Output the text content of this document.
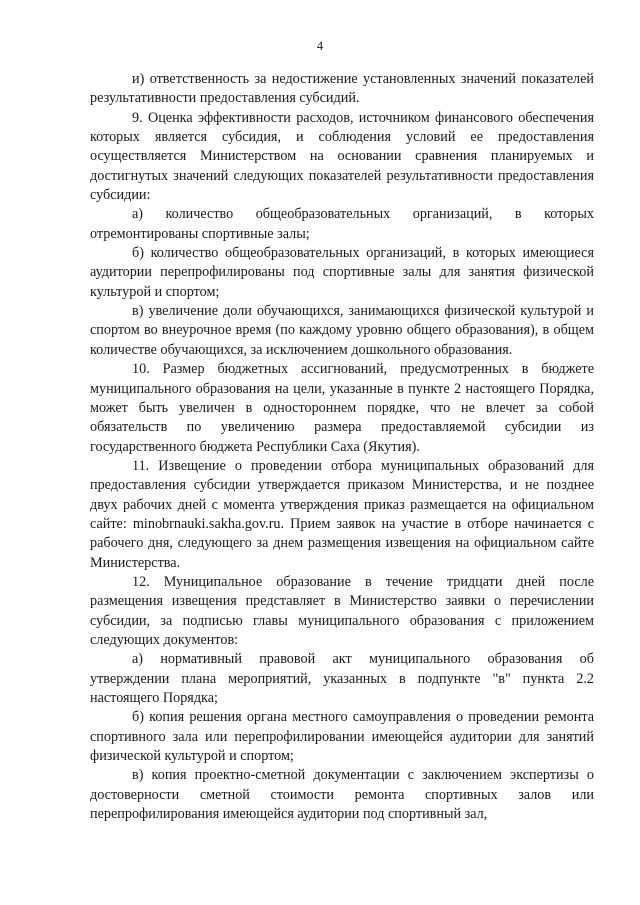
4

и) ответственность за недостижение установленных значений показателей результативности предоставления субсидий.

9. Оценка эффективности расходов, источником финансового обеспечения которых является субсидия, и соблюдения условий ее предоставления осуществляется Министерством на основании сравнения планируемых и достигнутых значений следующих показателей результативности предоставления субсидии:

а) количество общеобразовательных организаций, в которых отремонтированы спортивные залы;

б) количество общеобразовательных организаций, в которых имеющиеся аудитории перепрофилированы под спортивные залы для занятия физической культурой и спортом;

в) увеличение доли обучающихся, занимающихся физической культурой и спортом во внеурочное время (по каждому уровню общего образования), в общем количестве обучающихся, за исключением дошкольного образования.

10. Размер бюджетных ассигнований, предусмотренных в бюджете муниципального образования на цели, указанные в пункте 2 настоящего Порядка, может быть увеличен в одностороннем порядке, что не влечет за собой обязательств по увеличению размера предоставляемой субсидии из государственного бюджета Республики Саха (Якутия).

11. Извещение о проведении отбора муниципальных образований для предоставления субсидии утверждается приказом Министерства, и не позднее двух рабочих дней с момента утверждения приказ размещается на официальном сайте: minobrnauki.sakha.gov.ru. Прием заявок на участие в отборе начинается с рабочего дня, следующего за днем размещения извещения на официальном сайте Министерства.

12. Муниципальное образование в течение тридцати дней после размещения извещения представляет в Министерство заявки о перечислении субсидии, за подписью главы муниципального образования с приложением следующих документов:

а) нормативный правовой акт муниципального образования об утверждении плана мероприятий, указанных в подпункте "в" пункта 2.2 настоящего Порядка;

б) копия решения органа местного самоуправления о проведении ремонта спортивного зала или перепрофилировании имеющейся аудитории для занятий физической культурой и спортом;

в) копия проектно-сметной документации с заключением экспертизы о достоверности сметной стоимости ремонта спортивных залов или перепрофилирования имеющейся аудитории под спортивный зал,
